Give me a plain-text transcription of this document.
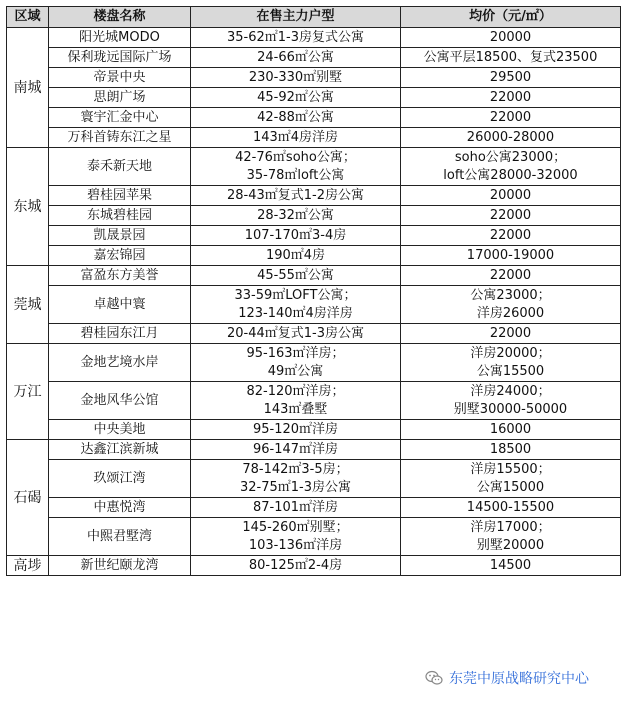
区域	楼盘名称	在售主力户型	均价（元/㎡）
南城	阳光城MODO	35-62㎡1-3房复式公寓	20000

	保利珑远国际广场	24-66㎡公寓	公寓平层18500、复式23500

	帝景中央	230-330㎡别墅	29500

	思朗广场	45-92㎡公寓	22000

	寰宇汇金中心	42-88㎡公寓	22000

	万科首铸东江之星	143㎡4房洋房	26000-28000

东城	泰禾新天地	42-76㎡soho公寓；
35-78㎡loft公寓	soho公寓23000；
loft公寓28000-32000

	碧桂园苹果	28-43㎡复式1-2房公寓	20000

	东城碧桂园	28-32㎡公寓	22000

	凯晟景园	107-170㎡3-4房	22000

	嘉宏锦园	190㎡4房	17000-19000

莞城	富盈东方美誉	45-55㎡公寓	22000

	卓越中寰	33-59㎡LOFT公寓；
123-140㎡4房洋房	公寓23000；
洋房26000

	碧桂园东江月	20-44㎡复式1-3房公寓	22000

万江	金地艺境水岸	95-163㎡洋房；
49㎡公寓	洋房20000；
公寓15500

	金地风华公馆	82-120㎡洋房；
143㎡叠墅	洋房24000；
别墅30000-50000

	中央美地	95-120㎡洋房	16000

石碣	达鑫江滨新城	96-147㎡洋房	18500

	玖颂江湾	78-142㎡3-5房；
32-75㎡1-3房公寓	洋房15500；
公寓15000

	中惠悦湾	87-101㎡洋房	14500-15500

	中熙君墅湾	145-260㎡别墅；
103-136㎡洋房	洋房17000；
别墅20000

高埗	新世纪颐龙湾	80-125㎡2-4房	14500
东莞中原战略研究中心
